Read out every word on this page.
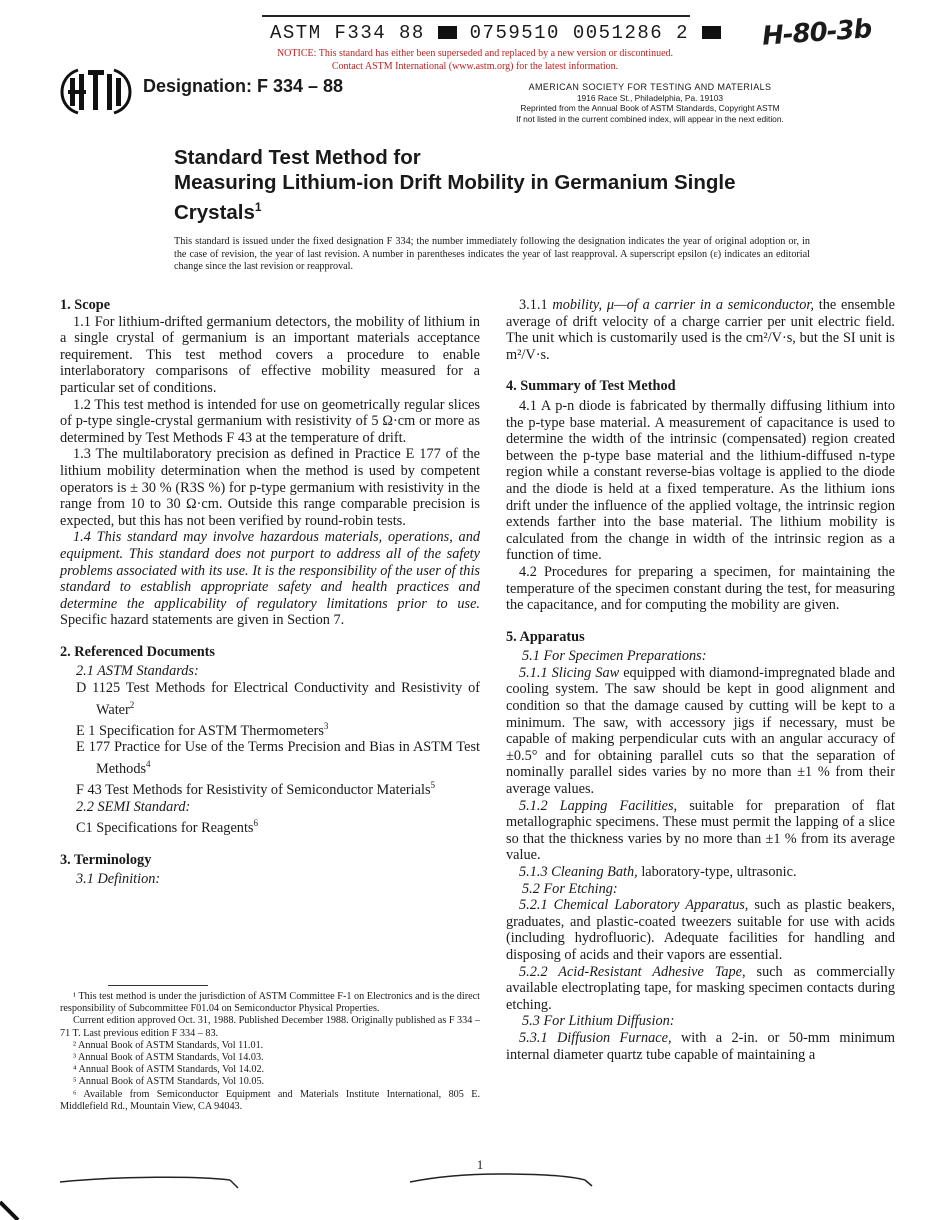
ASTM F334 88 0759510 0051286 2	H-80-3b
NOTICE: This standard has either been superseded and replaced by a new version or discontinued.
Contact ASTM International (www.astm.org) for the latest information.
Designation: F 334 – 88	AMERICAN SOCIETY FOR TESTING AND MATERIALS
1916 Race St., Philadelphia, Pa. 19103
Reprinted from the Annual Book of ASTM Standards, Copyright ASTM
If not listed in the current combined index, will appear in the next edition.
Standard Test Method for
Measuring Lithium-ion Drift Mobility in Germanium Single
Crystals$^1$
This standard is issued under the fixed designation F 334; the number immediately following the designation indicates the year of original adoption or, in the case of revision, the year of last revision. A number in parentheses indicates the year of last reapproval. A superscript epsilon (ε) indicates an editorial change since the last revision or reapproval.
1. Scope

1.1 For lithium-drifted germanium detectors, the mobility of lithium in a single crystal of germanium is an important materials acceptance requirement. This test method covers a procedure to enable interlaboratory comparisons of effective mobility measured for a particular set of conditions.

1.2 This test method is intended for use on geometrically regular slices of p-type single-crystal germanium with resistivity of 5 Ω·cm or more as determined by Test Methods F 43 at the temperature of drift.

1.3 The multilaboratory precision as defined in Practice E 177 of the lithium mobility determination when the method is used by competent operators is ± 30 % (R3S %) for p-type germanium with resistivity in the range from 10 to 30 Ω·cm. Outside this range comparable precision is expected, but this has not been verified by round-robin tests.

1.4 This standard may involve hazardous materials, operations, and equipment. This standard does not purport to address all of the safety problems associated with its use. It is the responsibility of the user of this standard to establish appropriate safety and health practices and determine the applicability of regulatory limitations prior to use. Specific hazard statements are given in Section 7.

2. Referenced Documents

2.1 ASTM Standards:

D 1125 Test Methods for Electrical Conductivity and Resistivity of Water$^2$

E 1 Specification for ASTM Thermometers$^3$

E 177 Practice for Use of the Terms Precision and Bias in ASTM Test Methods$^4$

F 43 Test Methods for Resistivity of Semiconductor Materials$^5$

2.2 SEMI Standard:

C1 Specifications for Reagents$^6$

3. Terminology

3.1 Definition:

¹ This test method is under the jurisdiction of ASTM Committee F-1 on Electronics and is the direct responsibility of Subcommittee F01.04 on Semiconductor Physical Properties.

Current edition approved Oct. 31, 1988. Published December 1988. Originally published as F 334 – 71 T. Last previous edition F 334 – 83.

² Annual Book of ASTM Standards, Vol 11.01.

³ Annual Book of ASTM Standards, Vol 14.03.

⁴ Annual Book of ASTM Standards, Vol 14.02.

⁵ Annual Book of ASTM Standards, Vol 10.05.

⁶ Available from Semiconductor Equipment and Materials Institute International, 805 E. Middlefield Rd., Mountain View, CA 94043.

3.1.1 mobility, μ—of a carrier in a semiconductor, the ensemble average of drift velocity of a charge carrier per unit electric field. The unit which is customarily used is the cm²/V·s, but the SI unit is m²/V·s.

4. Summary of Test Method

4.1 A p-n diode is fabricated by thermally diffusing lithium into the p-type base material. A measurement of capacitance is used to determine the width of the intrinsic (compensated) region created between the p-type base material and the lithium-diffused n-type region while a constant reverse-bias voltage is applied to the diode and the diode is held at a fixed temperature. As the lithium ions drift under the influence of the applied voltage, the intrinsic region extends farther into the base material. The lithium mobility is calculated from the change in width of the intrinsic region as a function of time.

4.2 Procedures for preparing a specimen, for maintaining the temperature of the specimen constant during the test, for measuring the capacitance, and for computing the mobility are given.

5. Apparatus

5.1 For Specimen Preparations:

5.1.1 Slicing Saw equipped with diamond-impregnated blade and cooling system. The saw should be kept in good alignment and condition so that the damage caused by cutting will be kept to a minimum. The saw, with accessory jigs if necessary, must be capable of making perpendicular cuts with an angular accuracy of ±0.5° and for obtaining parallel cuts so that the separation of nominally parallel sides varies by no more than ±1 % from their average values.

5.1.2 Lapping Facilities, suitable for preparation of flat metallographic specimens. These must permit the lapping of a slice so that the thickness varies by no more than ±1 % from its average value.

5.1.3 Cleaning Bath, laboratory-type, ultrasonic.

5.2 For Etching:

5.2.1 Chemical Laboratory Apparatus, such as plastic beakers, graduates, and plastic-coated tweezers suitable for use with acids (including hydrofluoric). Adequate facilities for handling and disposing of acids and their vapors are essential.

5.2.2 Acid-Resistant Adhesive Tape, such as commercially available electroplating tape, for masking specimen contacts during etching.

5.3 For Lithium Diffusion:

5.3.1 Diffusion Furnace, with a 2-in. or 50-mm minimum internal diameter quartz tube capable of maintaining a

1
